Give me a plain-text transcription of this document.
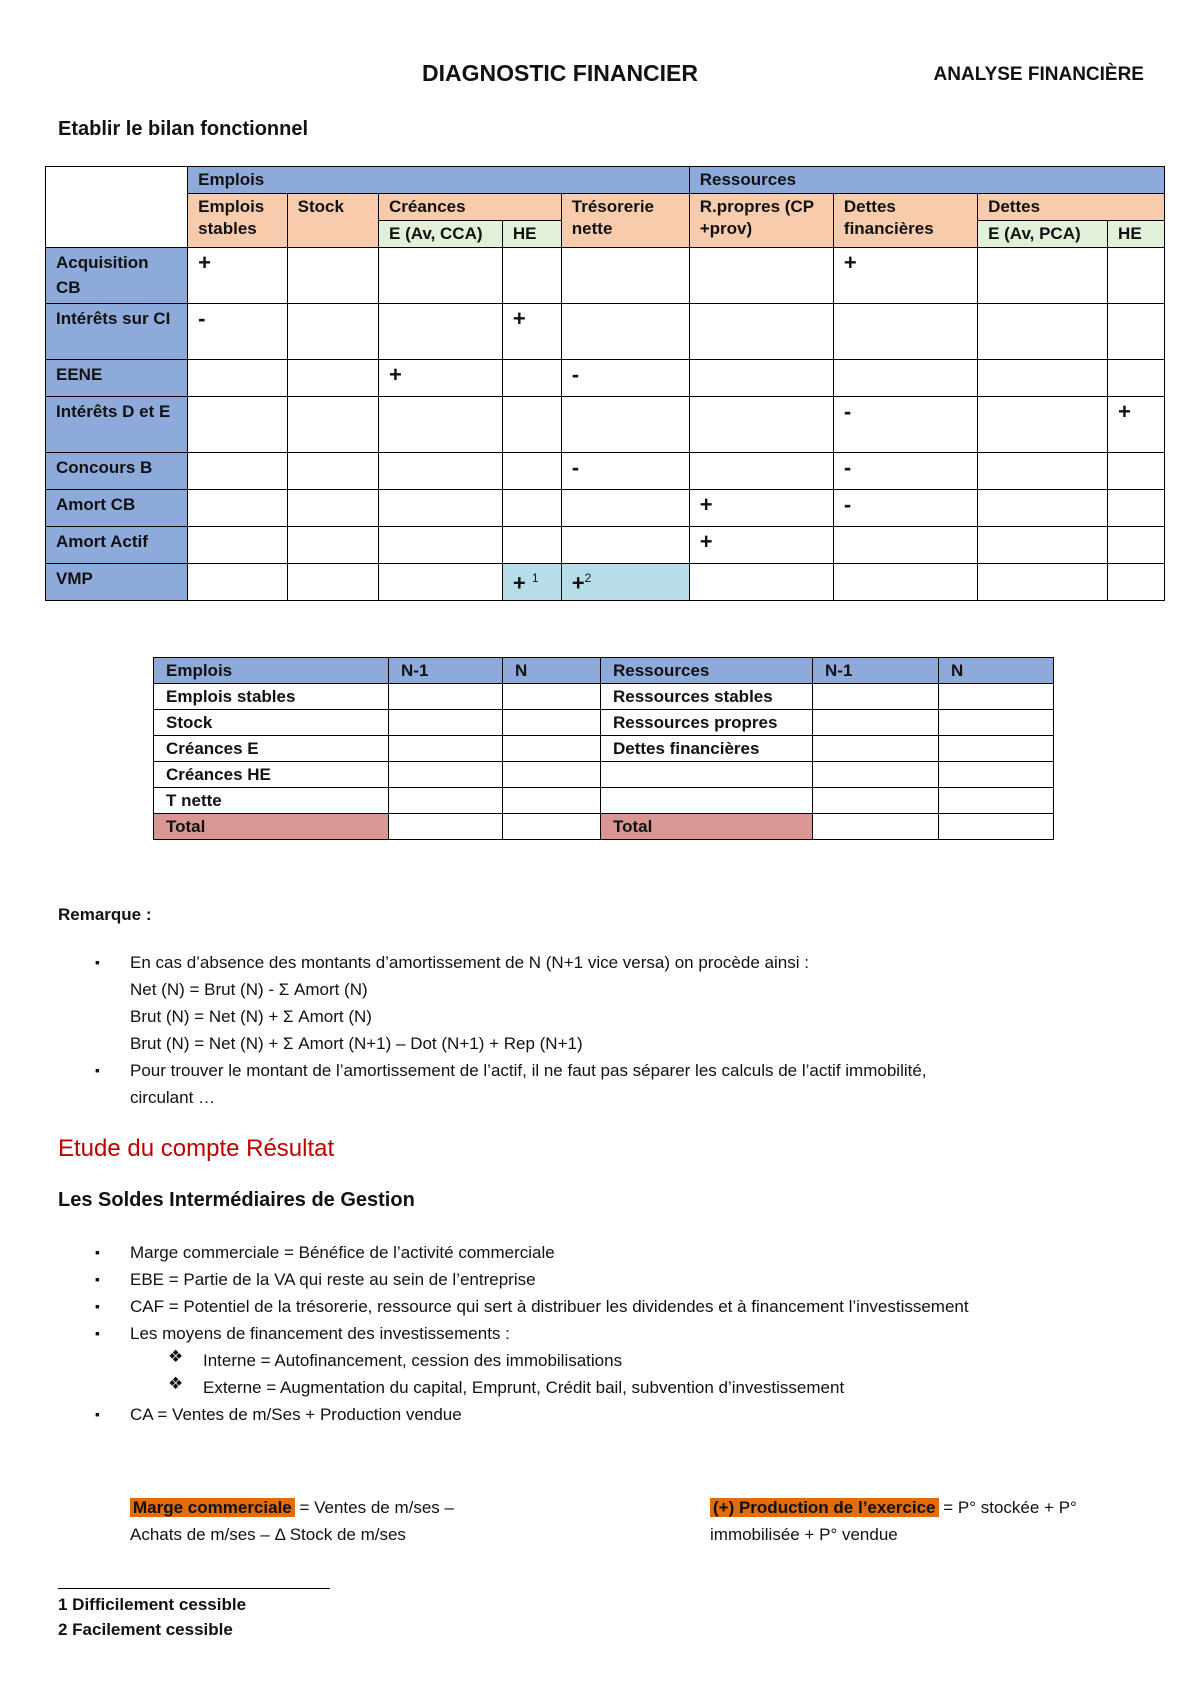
DIAGNOSTIC FINANCIER	ANALYSE FINANCIÈRE
Etablir le bilan fonctionnel
	Emplois					Ressources			
	Emplois stables	Stock	Créances		Trésorerie nette	R.propres (CP +prov)	Dettes financières	Dettes	
			E (Av, CCA)	HE				E (Av, PCA)	HE
Acquisition CB	+						+		
Intérêts sur CI	-			+					
EENE			+		-				
Intérêts D et E							-		+
Concours B					-		-		
Amort CB						+	-		
Amort Actif						+			
VMP				+ $^1$	+$^2$				
Emplois	N-1	N	Ressources	N-1	N
Emplois stables			Ressources stables		
Stock			Ressources propres		
Créances E			Dettes financières		
Créances HE					
T nette					
Total			Total		
Remarque :
▪ En cas d’absence des montants d’amortissement de N (N+1 vice versa) on procède ainsi :
Net (N) = Brut (N) - Σ Amort (N)
Brut (N) = Net (N) + Σ Amort (N)
Brut (N) = Net (N) + Σ Amort (N+1) – Dot (N+1) + Rep (N+1)
▪ Pour trouver le montant de l’amortissement de l’actif, il ne faut pas séparer les calculs de l’actif immobilité,
circulant …
Etude du compte Résultat
Les Soldes Intermédiaires de Gestion
▪ Marge commerciale = Bénéfice de l’activité commerciale
▪ EBE = Partie de la VA qui reste au sein de l’entreprise
▪ CAF = Potentiel de la trésorerie, ressource qui sert à distribuer les dividendes et à financement l’investissement
▪ Les moyens de financement des investissements :
❖ Interne = Autofinancement, cession des immobilisations
❖ Externe = Augmentation du capital, Emprunt, Crédit bail, subvention d’investissement
▪ CA = Ventes de m/Ses + Production vendue
Marge commerciale = Ventes de m/ses –
Achats de m/ses – Δ Stock de m/ses
(+) Production de l’exercice = P° stockée + P°
immobilisée + P° vendue
1 Difficilement cessible
2 Facilement cessible
